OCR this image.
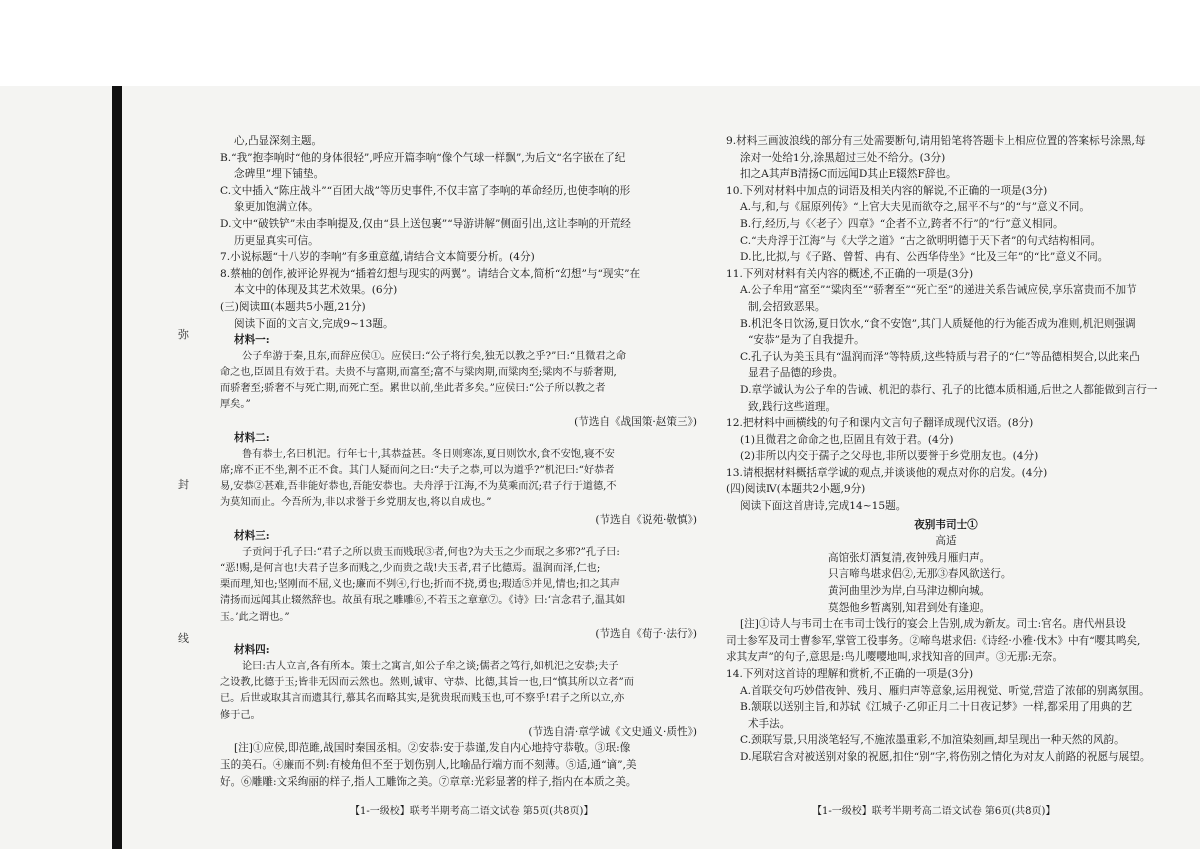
弥
封
线

心,凸显深刻主题。

B.“我”抱李响时“他的身体很轻”,呼应开篇李响“像个气球一样飘”,为后文“名字嵌在了纪

念碑里”埋下铺垫。

C.文中插入“陈庄战斗”“百团大战”等历史事件,不仅丰富了李响的革命经历,也使李响的形

象更加饱满立体。

D.文中“破铁铲”未由李响提及,仅由“县上送包裹”“导游讲解”侧面引出,这让李响的开荒经

历更显真实可信。

7.小说标题“十八岁的李响”有多重意蕴,请结合文本简要分析。(4分)

8.蔡柚的创作,被评论界视为“插着幻想与现实的两翼”。请结合文本,简析“幻想”与“现实”在

本文中的体现及其艺术效果。(6分)

(三)阅读Ⅲ(本题共5小题,21分)

阅读下面的文言文,完成9~13题。

材料一:

公子牟游于秦,且东,而辞应侯①。应侯曰:“公子将行矣,独无以教之乎?”曰:“且微君之命

命之也,臣固且有效于君。夫贵不与富期,而富至;富不与粱肉期,而粱肉至;粱肉不与骄奢期,

而骄奢至;骄奢不与死亡期,而死亡至。累世以前,坐此者多矣。”应侯曰:“公子所以教之者

厚矣。”

(节选自《战国策·赵策三》)

材料二:

鲁有恭士,名曰机汜。行年七十,其恭益甚。冬日则寒冻,夏日则饮水,食不安饱,寝不安

席;席不正不坐,割不正不食。其门人疑而问之曰:“夫子之恭,可以为道乎?”机汜曰:“好恭者

易,安恭②甚难,吾非能好恭也,吾能安恭也。夫舟浮于江海,不为莫乘而沉;君子行于道德,不

为莫知而止。今吾所为,非以求誉于乡党朋友也,将以自成也。”

(节选自《说苑·敬慎》)

材料三:

子贡问于孔子曰:“君子之所以贵玉而贱珉③者,何也?为夫玉之少而珉之多邪?”孔子曰:

“恶!赐,是何言也!夫君子岂多而贱之,少而贵之哉!夫玉者,君子比德焉。温润而泽,仁也;

栗而理,知也;坚刚而不屈,义也;廉而不刿④,行也;折而不挠,勇也;瑕适⑤并见,情也;扣之其声

清扬而远闻其止辍然辞也。故虽有珉之雕雕⑥,不若玉之章章⑦。《诗》曰:‘言念君子,温其如

玉。’此之谓也。”

(节选自《荀子·法行》)

材料四:

论曰:古人立言,各有所本。策士之寓言,如公子牟之谈;儒者之笃行,如机汜之安恭;夫子

之设教,比德于玉;皆非无因而云然也。然则,诚审、守恭、比德,其旨一也,曰“慎其所以立者”而

已。后世或取其言而遗其行,慕其名而略其实,是犹贵珉而贱玉也,可不察乎!君子之所以立,亦

修于己。

(节选自清·章学诚《文史通义·质性》)

[注]①应侯,即范雎,战国时秦国丞相。②安恭:安于恭谨,发自内心地持守恭敬。③珉:像

玉的美石。④廉而不刿:有棱角但不至于划伤别人,比喻品行端方而不刻薄。⑤适,通“谪”,美

好。⑥雕雕:文采绚丽的样子,指人工雕饰之美。⑦章章:光彩显著的样子,指内在本质之美。

9.材料三画波浪线的部分有三处需要断句,请用铅笔将答题卡上相应位置的答案标号涂黑,每

涂对一处给1分,涂黑超过三处不给分。(3分)

扣之A其声B清扬C而远闻D其止E辍然F辞也。

10.下列对材料中加点的词语及相关内容的解说,不正确的一项是(3分)

A.与,和,与《屈原列传》“上官大夫见而欲夺之,屈平不与”的“与”意义不同。

B.行,经历,与《〈老子〉四章》“企者不立,跨者不行”的“行”意义相同。

C.“夫舟浮于江海”与《大学之道》“古之欲明明德于天下者”的句式结构相同。

D.比,比拟,与《子路、曾皙、冉有、公西华侍坐》“比及三年”的“比”意义不同。

11.下列对材料有关内容的概述,不正确的一项是(3分)

A.公子牟用“富至”“粱肉至”“骄奢至”“死亡至”的递进关系告诫应侯,享乐富贵而不加节

制,会招致恶果。

B.机汜冬日饮汤,夏日饮水,“食不安饱”,其门人质疑他的行为能否成为准则,机汜则强调

“安恭”是为了自我提升。

C.孔子认为美玉具有“温润而泽”等特质,这些特质与君子的“仁”等品德相契合,以此来凸

显君子品德的珍贵。

D.章学诚认为公子牟的告诫、机汜的恭行、孔子的比德本质相通,后世之人都能做到言行一

致,践行这些道理。

12.把材料中画横线的句子和课内文言句子翻译成现代汉语。(8分)

(1)且微君之命命之也,臣固且有效于君。(4分)

(2)非所以内交于孺子之父母也,非所以要誉于乡党朋友也。(4分)

13.请根据材料概括章学诚的观点,并谈谈他的观点对你的启发。(4分)

(四)阅读Ⅳ(本题共2小题,9分)

阅读下面这首唐诗,完成14~15题。

夜别韦司士①

高适

高馆张灯酒复清,夜钟残月雁归声。

只言啼鸟堪求侣②,无那③春风欲送行。

黄河曲里沙为岸,白马津边柳向城。

莫怨他乡暂离别,知君到处有逢迎。

[注]①诗人与韦司士在韦司士饯行的宴会上告别,成为新友。司士:官名。唐代州县设

司士参军及司士曹参军,掌管工役事务。②啼鸟堪求侣:《诗经·小雅·伐木》中有“嘤其鸣矣,

求其友声”的句子,意思是:鸟儿嘤嘤地叫,求找知音的回声。③无那:无奈。

14.下列对这首诗的理解和赏析,不正确的一项是(3分)

A.首联交句巧妙借夜钟、残月、雁归声等意象,运用视觉、听觉,营造了浓郁的别离氛围。

B.颔联以送别主旨,和苏轼《江城子·乙卯正月二十日夜记梦》一样,都采用了用典的艺

术手法。

C.颈联写景,只用淡笔轻写,不施浓墨重彩,不加渲染刻画,却呈现出一种天然的风韵。

D.尾联宕含对被送别对象的祝愿,扣住“别”字,将伤别之情化为对友人前路的祝愿与展望。

【1-一级校】联考半期考高二语文试卷 第5页(共8页)】	【1-一级校】联考半期考高二语文试卷 第6页(共8页)】
